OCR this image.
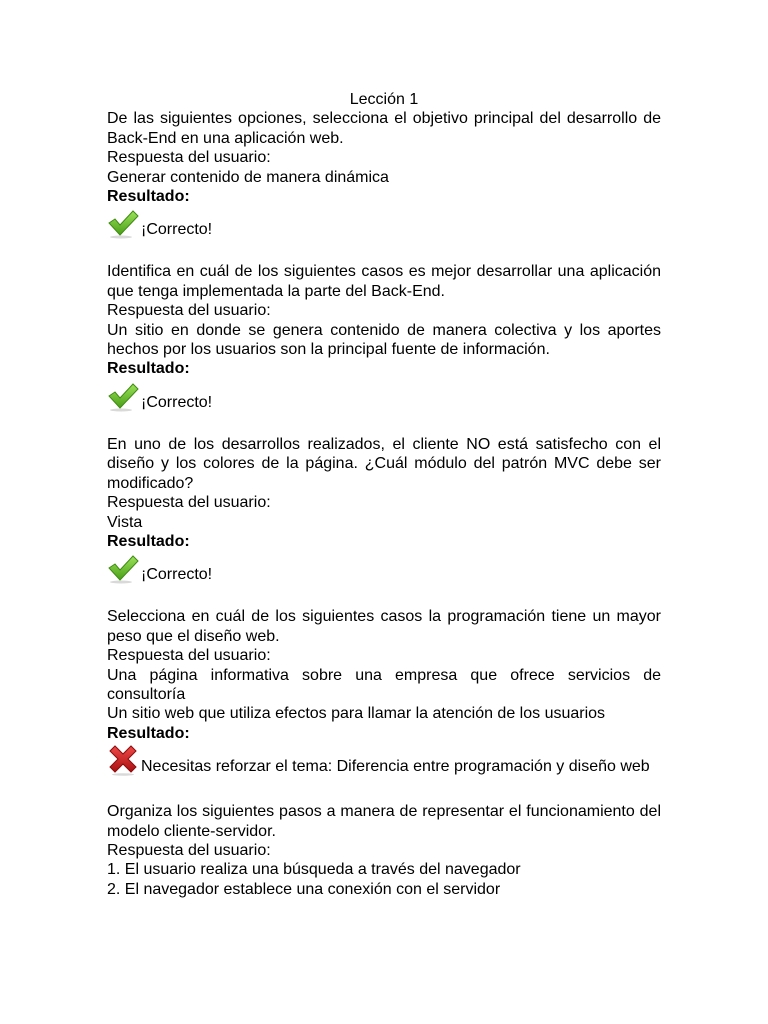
Lección 1

De las siguientes opciones, selecciona el objetivo principal del desarrollo de Back-End en una aplicación web.
Respuesta del usuario:
Generar contenido de manera dinámica
Resultado:
¡Correcto!
Identifica en cuál de los siguientes casos es mejor desarrollar una aplicación que tenga implementada la parte del Back-End.
Respuesta del usuario:
Un sitio en donde se genera contenido de manera colectiva y los aportes hechos por los usuarios son la principal fuente de información.
Resultado:
¡Correcto!
En uno de los desarrollos realizados, el cliente NO está satisfecho con el diseño y los colores de la página. ¿Cuál módulo del patrón MVC debe ser modificado?
Respuesta del usuario:
Vista
Resultado:
¡Correcto!
Selecciona en cuál de los siguientes casos la programación tiene un mayor peso que el diseño web.
Respuesta del usuario:
Una página informativa sobre una empresa que ofrece servicios de consultoría
Un sitio web que utiliza efectos para llamar la atención de los usuarios
Resultado:
Necesitas reforzar el tema: Diferencia entre programación y diseño web
Organiza los siguientes pasos a manera de representar el funcionamiento del modelo cliente-servidor.
Respuesta del usuario:
1. El usuario realiza una búsqueda a través del navegador
2. El navegador establece una conexión con el servidor
